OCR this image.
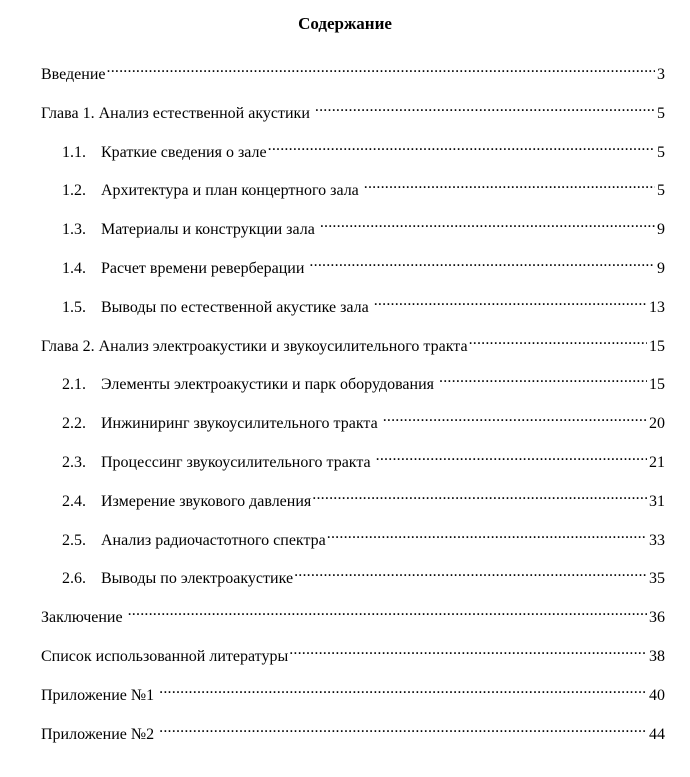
Содержание
Введение .....	3
Глава 1. Анализ естественной акустики .....	5
1.1. Краткие сведения о зале .....	5
1.2. Архитектура и план концертного зала .....	5
1.3. Материалы и конструкции зала .....	9
1.4. Расчет времени реверберации .....	9
1.5. Выводы по естественной акустике зала .....	13
Глава 2. Анализ электроакустики и звукоусилительного тракта .....	15
2.1. Элементы электроакустики и парк оборудования .....	15
2.2. Инжиниринг звукоусилительного тракта .....	20
2.3. Процессинг звукоусилительного тракта .....	21
2.4. Измерение звукового давления .....	31
2.5. Анализ радиочастотного спектра .....	33
2.6. Выводы по электроакустике .....	35
Заключение .....	36
Список использованной литературы .....	38
Приложение №1 .....	40
Приложение №2 .....	44
